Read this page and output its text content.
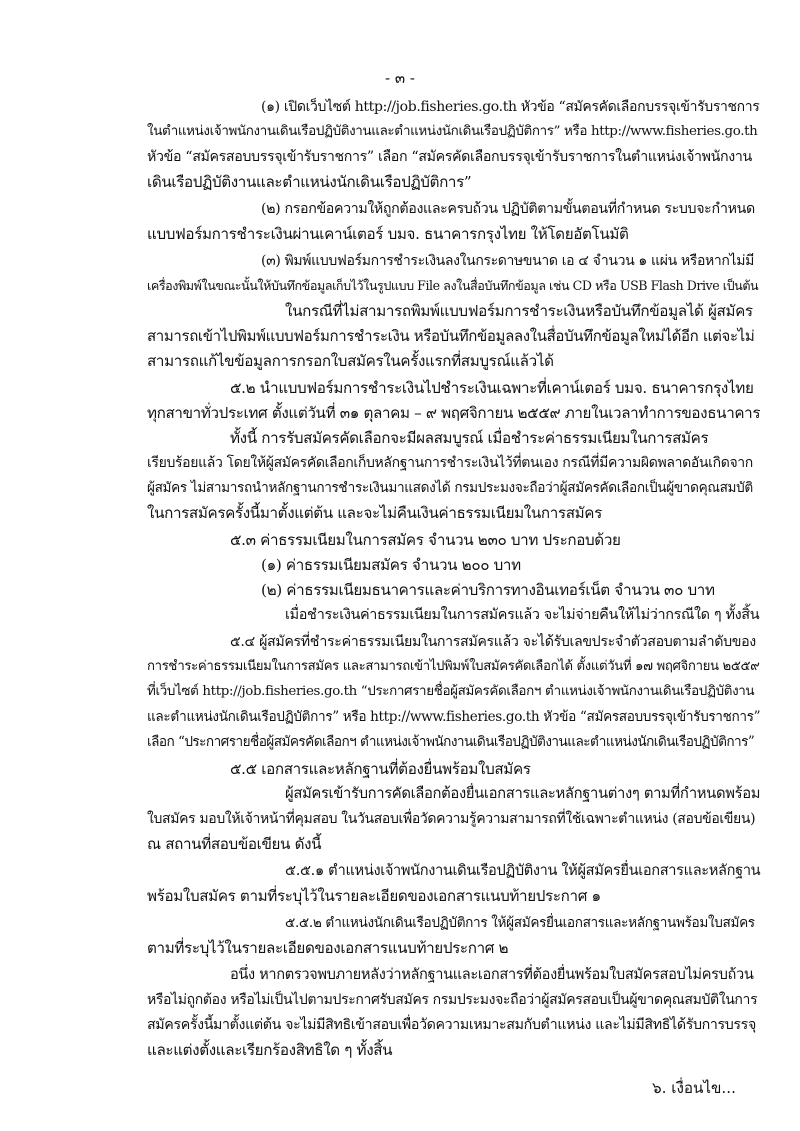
- ๓ -
(๑) เปิดเว็บไซต์ http://job.fisheries.go.th หัวข้อ “สมัครคัดเลือกบรรจุเข้ารับราชการ
ในตำแหน่งเจ้าพนักงานเดินเรือปฏิบัติงานและตำแหน่งนักเดินเรือปฏิบัติการ” หรือ http://www.fisheries.go.th
หัวข้อ “สมัครสอบบรรจุเข้ารับราชการ” เลือก “สมัครคัดเลือกบรรจุเข้ารับราชการในตำแหน่งเจ้าพนักงาน
เดินเรือปฏิบัติงานและตำแหน่งนักเดินเรือปฏิบัติการ”
(๒) กรอกข้อความให้ถูกต้องและครบถ้วน ปฏิบัติตามขั้นตอนที่กำหนด ระบบจะกำหนด
แบบฟอร์มการชำระเงินผ่านเคาน์เตอร์ บมจ. ธนาคารกรุงไทย ให้โดยอัตโนมัติ
(๓) พิมพ์แบบฟอร์มการชำระเงินลงในกระดาษขนาด เอ ๔ จำนวน ๑ แผ่น หรือหากไม่มี
เครื่องพิมพ์ในขณะนั้นให้บันทึกข้อมูลเก็บไว้ในรูปแบบ File ลงในสื่อบันทึกข้อมูล เช่น CD หรือ USB Flash Drive เป็นต้น
ในกรณีที่ไม่สามารถพิมพ์แบบฟอร์มการชำระเงินหรือบันทึกข้อมูลได้ ผู้สมัคร
สามารถเข้าไปพิมพ์แบบฟอร์มการชำระเงิน หรือบันทึกข้อมูลลงในสื่อบันทึกข้อมูลใหม่ได้อีก แต่จะไม่
สามารถแก้ไขข้อมูลการกรอกใบสมัครในครั้งแรกที่สมบูรณ์แล้วได้
๕.๒ นำแบบฟอร์มการชำระเงินไปชำระเงินเฉพาะที่เคาน์เตอร์ บมจ. ธนาคารกรุงไทย
ทุกสาขาทั่วประเทศ ตั้งแต่วันที่ ๓๑ ตุลาคม – ๙ พฤศจิกายน ๒๕๕๙ ภายในเวลาทำการของธนาคาร
ทั้งนี้ การรับสมัครคัดเลือกจะมีผลสมบูรณ์ เมื่อชำระค่าธรรมเนียมในการสมัคร
เรียบร้อยแล้ว โดยให้ผู้สมัครคัดเลือกเก็บหลักฐานการชำระเงินไว้ที่ตนเอง กรณีที่มีความผิดพลาดอันเกิดจาก
ผู้สมัคร ไม่สามารถนำหลักฐานการชำระเงินมาแสดงได้ กรมประมงจะถือว่าผู้สมัครคัดเลือกเป็นผู้ขาดคุณสมบัติ
ในการสมัครครั้งนี้มาตั้งแต่ต้น และจะไม่คืนเงินค่าธรรมเนียมในการสมัคร
๕.๓ ค่าธรรมเนียมในการสมัคร จำนวน ๒๓๐ บาท ประกอบด้วย
(๑) ค่าธรรมเนียมสมัคร จำนวน ๒๐๐ บาท
(๒) ค่าธรรมเนียมธนาคารและค่าบริการทางอินเทอร์เน็ต จำนวน ๓๐ บาท
เมื่อชำระเงินค่าธรรมเนียมในการสมัครแล้ว จะไม่จ่ายคืนให้ไม่ว่ากรณีใด ๆ ทั้งสิ้น
๕.๔ ผู้สมัครที่ชำระค่าธรรมเนียมในการสมัครแล้ว จะได้รับเลขประจำตัวสอบตามลำดับของ
การชำระค่าธรรมเนียมในการสมัคร และสามารถเข้าไปพิมพ์ใบสมัครคัดเลือกได้ ตั้งแต่วันที่ ๑๗ พฤศจิกายน ๒๕๕๙
ที่เว็บไซต์ http://job.fisheries.go.th “ประกาศรายชื่อผู้สมัครคัดเลือกฯ ตำแหน่งเจ้าพนักงานเดินเรือปฏิบัติงาน
และตำแหน่งนักเดินเรือปฏิบัติการ” หรือ http://www.fisheries.go.th หัวข้อ “สมัครสอบบรรจุเข้ารับราชการ”
เลือก “ประกาศรายชื่อผู้สมัครคัดเลือกฯ ตำแหน่งเจ้าพนักงานเดินเรือปฏิบัติงานและตำแหน่งนักเดินเรือปฏิบัติการ”
๕.๕ เอกสารและหลักฐานที่ต้องยื่นพร้อมใบสมัคร
ผู้สมัครเข้ารับการคัดเลือกต้องยื่นเอกสารและหลักฐานต่างๆ ตามที่กำหนดพร้อม
ใบสมัคร มอบให้เจ้าหน้าที่คุมสอบ ในวันสอบเพื่อวัดความรู้ความสามารถที่ใช้เฉพาะตำแหน่ง (สอบข้อเขียน)
ณ สถานที่สอบข้อเขียน ดังนี้
๕.๕.๑ ตำแหน่งเจ้าพนักงานเดินเรือปฏิบัติงาน ให้ผู้สมัครยื่นเอกสารและหลักฐาน
พร้อมใบสมัคร ตามที่ระบุไว้ในรายละเอียดของเอกสารแนบท้ายประกาศ ๑
๕.๕.๒ ตำแหน่งนักเดินเรือปฏิบัติการ ให้ผู้สมัครยื่นเอกสารและหลักฐานพร้อมใบสมัคร
ตามที่ระบุไว้ในรายละเอียดของเอกสารแนบท้ายประกาศ ๒
อนึ่ง หากตรวจพบภายหลังว่าหลักฐานและเอกสารที่ต้องยื่นพร้อมใบสมัครสอบไม่ครบถ้วน
หรือไม่ถูกต้อง หรือไม่เป็นไปตามประกาศรับสมัคร กรมประมงจะถือว่าผู้สมัครสอบเป็นผู้ขาดคุณสมบัติในการ
สมัครครั้งนี้มาตั้งแต่ต้น จะไม่มีสิทธิเข้าสอบเพื่อวัดความเหมาะสมกับตำแหน่ง และไม่มีสิทธิได้รับการบรรจุ
และแต่งตั้งและเรียกร้องสิทธิใด ๆ ทั้งสิ้น
๖. เงื่อนไข...
